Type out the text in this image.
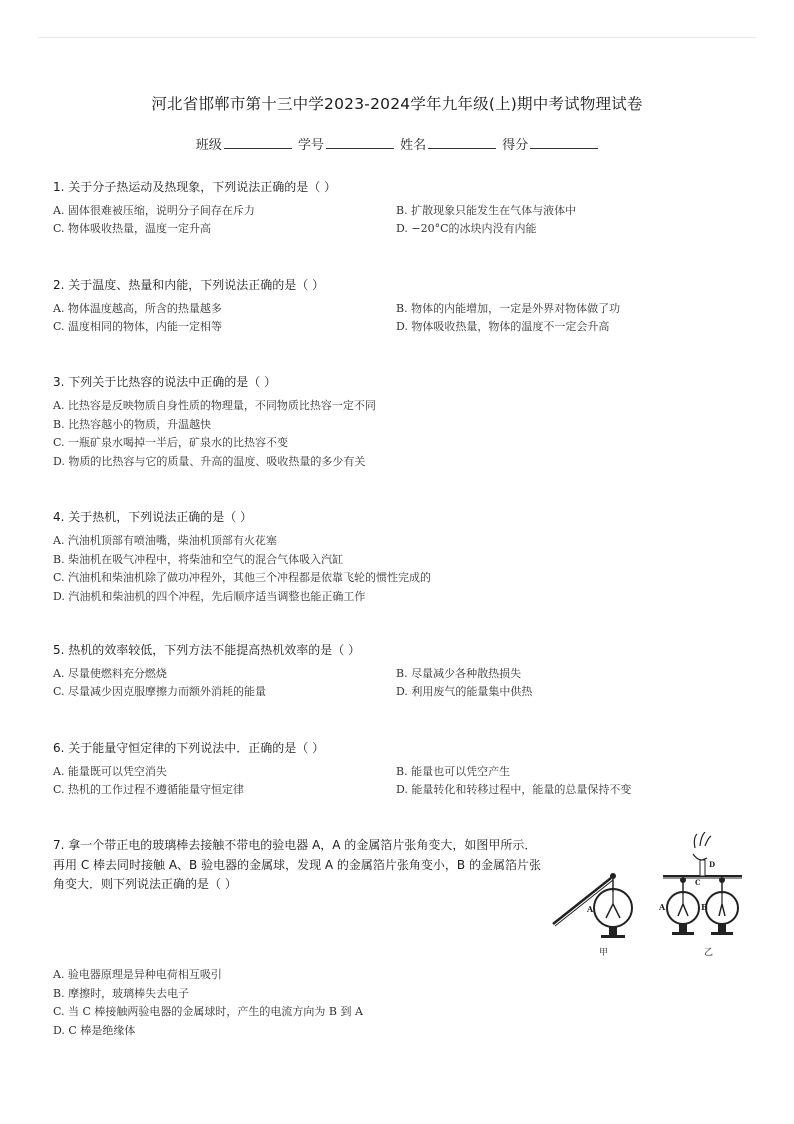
河北省邯郸市第十三中学2023-2024学年九年级(上)期中考试物理试卷
班级	学号	姓名	得分
1. 关于分子热运动及热现象，下列说法正确的是（ ）
A. 固体很难被压缩，说明分子间存在斥力	B. 扩散现象只能发生在气体与液体中
C. 物体吸收热量，温度一定升高	D. −20°C的冰块内没有内能
2. 关于温度、热量和内能，下列说法正确的是（ ）
A. 物体温度越高，所含的热量越多	B. 物体的内能增加，一定是外界对物体做了功
C. 温度相同的物体，内能一定相等	D. 物体吸收热量，物体的温度不一定会升高
3. 下列关于比热容的说法中正确的是（ ）
A. 比热容是反映物质自身性质的物理量，不同物质比热容一定不同
B. 比热容越小的物质，升温越快
C. 一瓶矿泉水喝掉一半后，矿泉水的比热容不变
D. 物质的比热容与它的质量、升高的温度、吸收热量的多少有关
4. 关于热机，下列说法正确的是（ ）
A. 汽油机顶部有喷油嘴，柴油机顶部有火花塞
B. 柴油机在吸气冲程中，将柴油和空气的混合气体吸入汽缸
C. 汽油机和柴油机除了做功冲程外，其他三个冲程都是依靠飞轮的惯性完成的
D. 汽油机和柴油机的四个冲程，先后顺序适当调整也能正确工作
5. 热机的效率较低，下列方法不能提高热机效率的是（ ）
A. 尽量使燃料充分燃烧	B. 尽量减少各种散热损失
C. 尽量减少因克服摩擦力而额外消耗的能量	D. 利用废气的能量集中供热
6. 关于能量守恒定律的下列说法中．正确的是（ ）
A. 能量既可以凭空消失	B. 能量也可以凭空产生
C. 热机的工作过程不遵循能量守恒定律	D. 能量转化和转移过程中，能量的总量保持不变
7. 拿一个带正电的玻璃棒去接触不带电的验电器 A，A 的金属箔片张角变大，如图甲所示．再用 C 棒去同时接触 A、B 验电器的金属球，发现 A 的金属箔片张角变小，B 的金属箔片张角变大．则下列说法正确的是（ ）
A. 验电器原理是异种电荷相互吸引
B. 摩擦时，玻璃棒失去电子
C. 当 C 棒接触两验电器的金属球时，产生的电流方向为 B 到 A
D. C 棒是绝缘体
A
甲
D
C
A	B
乙
